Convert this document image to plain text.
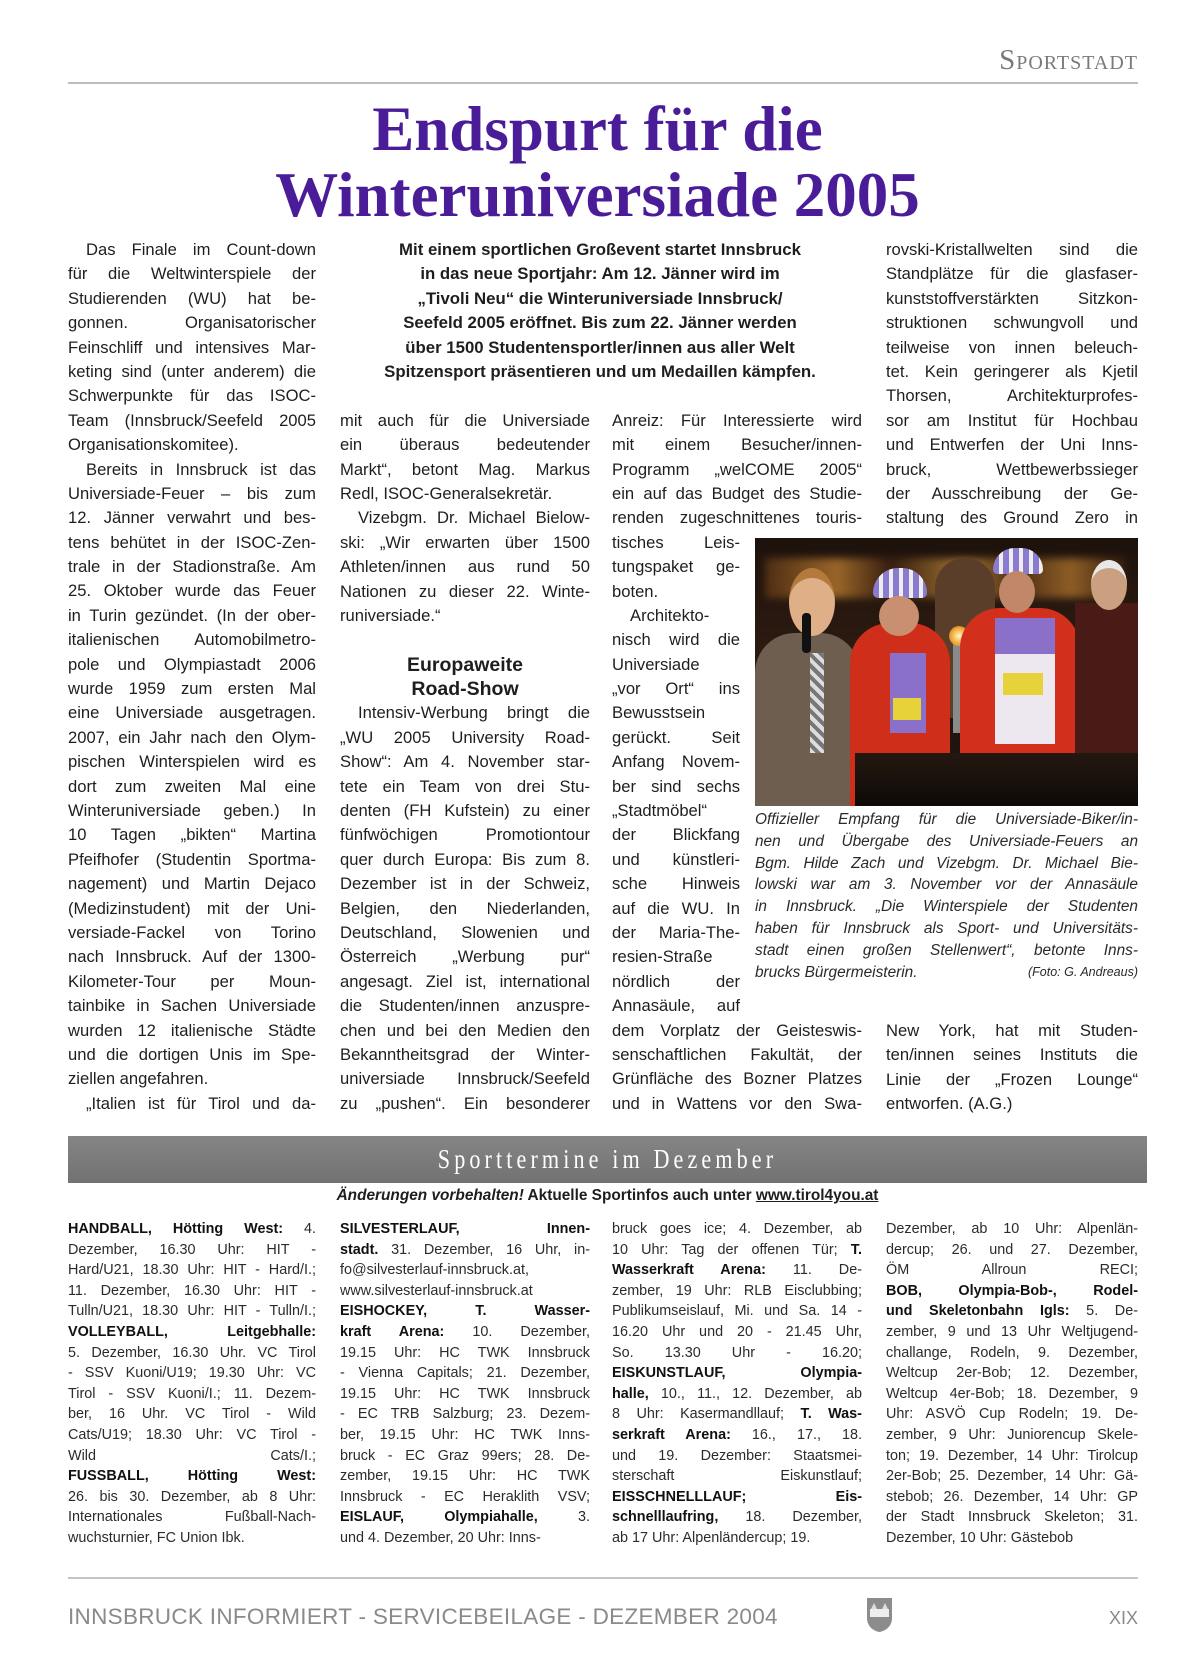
Sportstadt
Endspurt für die
Winteruniversiade 2005
Mit einem sportlichen Großevent startet Innsbruck
in das neue Sportjahr: Am 12. Jänner wird im
„Tivoli Neu“ die Winteruniversiade Innsbruck/
Seefeld 2005 eröffnet. Bis zum 22. Jänner werden
über 1500 Studentensportler/innen aus aller Welt
Spitzensport präsentieren und um Medaillen kämpfen.
Das Finale im Count-down
für die Weltwinterspiele der
Studierenden (WU) hat be-
gonnen. Organisatorischer
Feinschliff und intensives Mar-
keting sind (unter anderem) die
Schwerpunkte für das ISOC-
Team (Innsbruck/Seefeld 2005
Organisationskomitee).
Bereits in Innsbruck ist das
Universiade-Feuer – bis zum
12. Jänner verwahrt und bes-
tens behütet in der ISOC-Zen-
trale in der Stadionstraße. Am
25. Oktober wurde das Feuer
in Turin gezündet. (In der ober-
italienischen Automobilmetro-
pole und Olympiastadt 2006
wurde 1959 zum ersten Mal
eine Universiade ausgetragen.
2007, ein Jahr nach den Olym-
pischen Winterspielen wird es
dort zum zweiten Mal eine
Winteruniversiade geben.) In
10 Tagen „bikten“ Martina
Pfeifhofer (Studentin Sportma-
nagement) und Martin Dejaco
(Medizinstudent) mit der Uni-
versiade-Fackel von Torino
nach Innsbruck. Auf der 1300-
Kilometer-Tour per Moun-
tainbike in Sachen Universiade
wurden 12 italienische Städte
und die dortigen Unis im Spe-
ziellen angefahren.
„Italien ist für Tirol und da-
mit auch für die Universiade
ein überaus bedeutender
Markt“, betont Mag. Markus
Redl, ISOC-Generalsekretär.
Vizebgm. Dr. Michael Bielow-
ski: „Wir erwarten über 1500
Athleten/innen aus rund 50
Nationen zu dieser 22. Winte-
runiversiade.“
Europaweite
Road-Show
Intensiv-Werbung bringt die
„WU 2005 University Road-
Show“: Am 4. November star-
tete ein Team von drei Stu-
denten (FH Kufstein) zu einer
fünfwöchigen Promotiontour
quer durch Europa: Bis zum 8.
Dezember ist in der Schweiz,
Belgien, den Niederlanden,
Deutschland, Slowenien und
Österreich „Werbung pur“
angesagt. Ziel ist, international
die Studenten/innen anzuspre-
chen und bei den Medien den
Bekanntheitsgrad der Winter-
universiade Innsbruck/Seefeld
zu „pushen“. Ein besonderer
Anreiz: Für Interessierte wird
mit einem Besucher/innen-
Programm „welCOME 2005“
ein auf das Budget des Studie-
renden zugeschnittenes touris-
tisches Leis-
tungspaket ge-
boten.
Architekto-
nisch wird die
Universiade
„vor Ort“ ins
Bewusstsein
gerückt. Seit
Anfang Novem-
ber sind sechs
„Stadtmöbel“
der Blickfang
und künstleri-
sche Hinweis
auf die WU. In
der Maria-The-
resien-Straße
nördlich der
Annasäule, auf
dem Vorplatz der Geisteswis-
senschaftlichen Fakultät, der
Grünfläche des Bozner Platzes
und in Wattens vor den Swa-
rovski-Kristallwelten sind die
Standplätze für die glasfaser-
kunststoffverstärkten Sitzkon-
struktionen schwungvoll und
teilweise von innen beleuch-
tet. Kein geringerer als Kjetil
Thorsen, Architekturprofes-
sor am Institut für Hochbau
und Entwerfen der Uni Inns-
bruck, Wettbewerbssieger
der Ausschreibung der Ge-
staltung des Ground Zero in
New York, hat mit Studen-
ten/innen seines Instituts die
Linie der „Frozen Lounge“
entworfen. (A.G.)
Offizieller Empfang für die Universiade-Biker/in-
nen und Übergabe des Universiade-Feuers an
Bgm. Hilde Zach und Vizebgm. Dr. Michael Bie-
lowski war am 3. November vor der Annasäule
in Innsbruck. „Die Winterspiele der Studenten
haben für Innsbruck als Sport- und Universitäts-
stadt einen großen Stellenwert“, betonte Inns-
brucks Bürgermeisterin.	(Foto: G. Andreaus)
Sporttermine im Dezember
Änderungen vorbehalten! Aktuelle Sportinfos auch unter www.tirol4you.at
HANDBALL, Hötting West: 4.
Dezember, 16.30 Uhr: HIT -
Hard/U21, 18.30 Uhr: HIT - Hard/I.;
11. Dezember, 16.30 Uhr: HIT -
Tulln/U21, 18.30 Uhr: HIT - Tulln/I.;
VOLLEYBALL, Leitgebhalle:
5. Dezember, 16.30 Uhr. VC Tirol
- SSV Kuoni/U19; 19.30 Uhr: VC
Tirol - SSV Kuoni/I.; 11. Dezem-
ber, 16 Uhr. VC Tirol - Wild
Cats/U19; 18.30 Uhr: VC Tirol -
Wild Cats/I.;
FUSSBALL, Hötting West:
26. bis 30. Dezember, ab 8 Uhr:
Internationales Fußball-Nach-
wuchsturnier, FC Union Ibk.
SILVESTERLAUF, Innen-
stadt. 31. Dezember, 16 Uhr, in-
fo@silvesterlauf-innsbruck.at,
www.silvesterlauf-innsbruck.at
EISHOCKEY, T. Wasser-
kraft Arena: 10. Dezember,
19.15 Uhr: HC TWK Innsbruck
- Vienna Capitals; 21. Dezember,
19.15 Uhr: HC TWK Innsbruck
- EC TRB Salzburg; 23. Dezem-
ber, 19.15 Uhr: HC TWK Inns-
bruck - EC Graz 99ers; 28. De-
zember, 19.15 Uhr: HC TWK
Innsbruck - EC Heraklith VSV;
EISLAUF, Olympiahalle, 3.
und 4. Dezember, 20 Uhr: Inns-
bruck goes ice; 4. Dezember, ab
10 Uhr: Tag der offenen Tür; T.
Wasserkraft Arena: 11. De-
zember, 19 Uhr: RLB Eisclubbing;
Publikumseislauf, Mi. und Sa. 14 -
16.20 Uhr und 20 - 21.45 Uhr,
So. 13.30 Uhr - 16.20;
EISKUNSTLAUF, Olympia-
halle, 10., 11., 12. Dezember, ab
8 Uhr: Kasermandllauf; T. Was-
serkraft Arena: 16., 17., 18.
und 19. Dezember: Staatsmei-
sterschaft Eiskunstlauf;
EISSCHNELLLAUF; Eis-
schnelllaufring, 18. Dezember,
ab 17 Uhr: Alpenländercup; 19.
Dezember, ab 10 Uhr: Alpenlän-
dercup; 26. und 27. Dezember,
ÖM Allroun RECI;
BOB, Olympia-Bob-, Rodel-
und Skeletonbahn Igls: 5. De-
zember, 9 und 13 Uhr Weltjugend-
challange, Rodeln, 9. Dezember,
Weltcup 2er-Bob; 12. Dezember,
Weltcup 4er-Bob; 18. Dezember, 9
Uhr: ASVÖ Cup Rodeln; 19. De-
zember, 9 Uhr: Juniorencup Skele-
ton; 19. Dezember, 14 Uhr: Tirolcup
2er-Bob; 25. Dezember, 14 Uhr: Gä-
stebob; 26. Dezember, 14 Uhr: GP
der Stadt Innsbruck Skeleton; 31.
Dezember, 10 Uhr: Gästebob
INNSBRUCK INFORMIERT - SERVICEBEILAGE - DEZEMBER 2004	XIX
